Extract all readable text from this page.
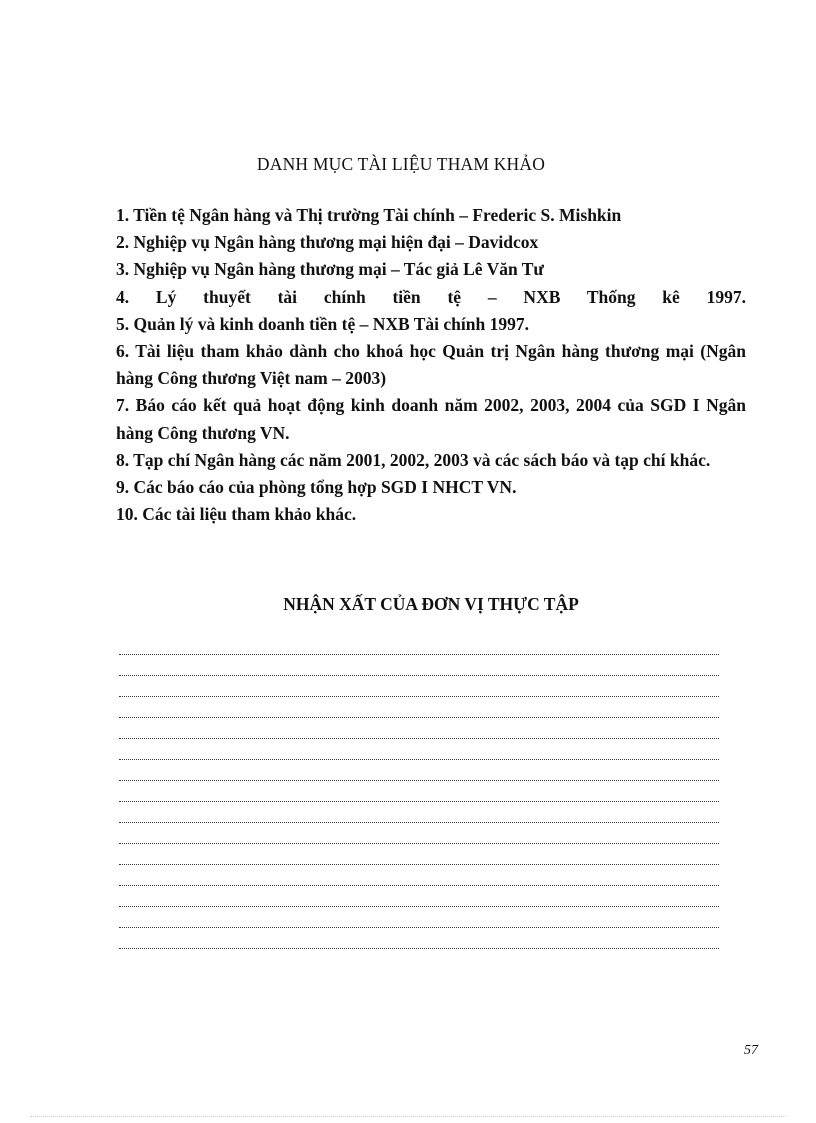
DANH MỤC TÀI LIỆU THAM KHẢO
1. Tiền tệ Ngân hàng và Thị trường Tài chính – Frederic S. Mishkin
2. Nghiệp vụ Ngân hàng thương mại hiện đại – Davidcox
3. Nghiệp vụ Ngân hàng thương mại – Tác giả Lê Văn Tư
4. Lý thuyết tài chính tiền tệ – NXB Thống kê 1997.
5. Quản lý và kinh doanh tiền tệ – NXB Tài chính 1997.
6. Tài liệu tham khảo dành cho khoá học Quản trị Ngân hàng thương mại (Ngân hàng Công thương Việt nam – 2003)
7. Báo cáo kết quả hoạt động kinh doanh năm 2002, 2003, 2004 của SGD I Ngân hàng Công thương VN.
8. Tạp chí Ngân hàng các năm 2001, 2002, 2003 và các sách báo và tạp chí khác.
9. Các báo cáo của phòng tổng hợp SGD I NHCT VN.
10. Các tài liệu tham khảo khác.
NHẬN XẤT CỦA ĐƠN VỊ THỰC TẬP
57
